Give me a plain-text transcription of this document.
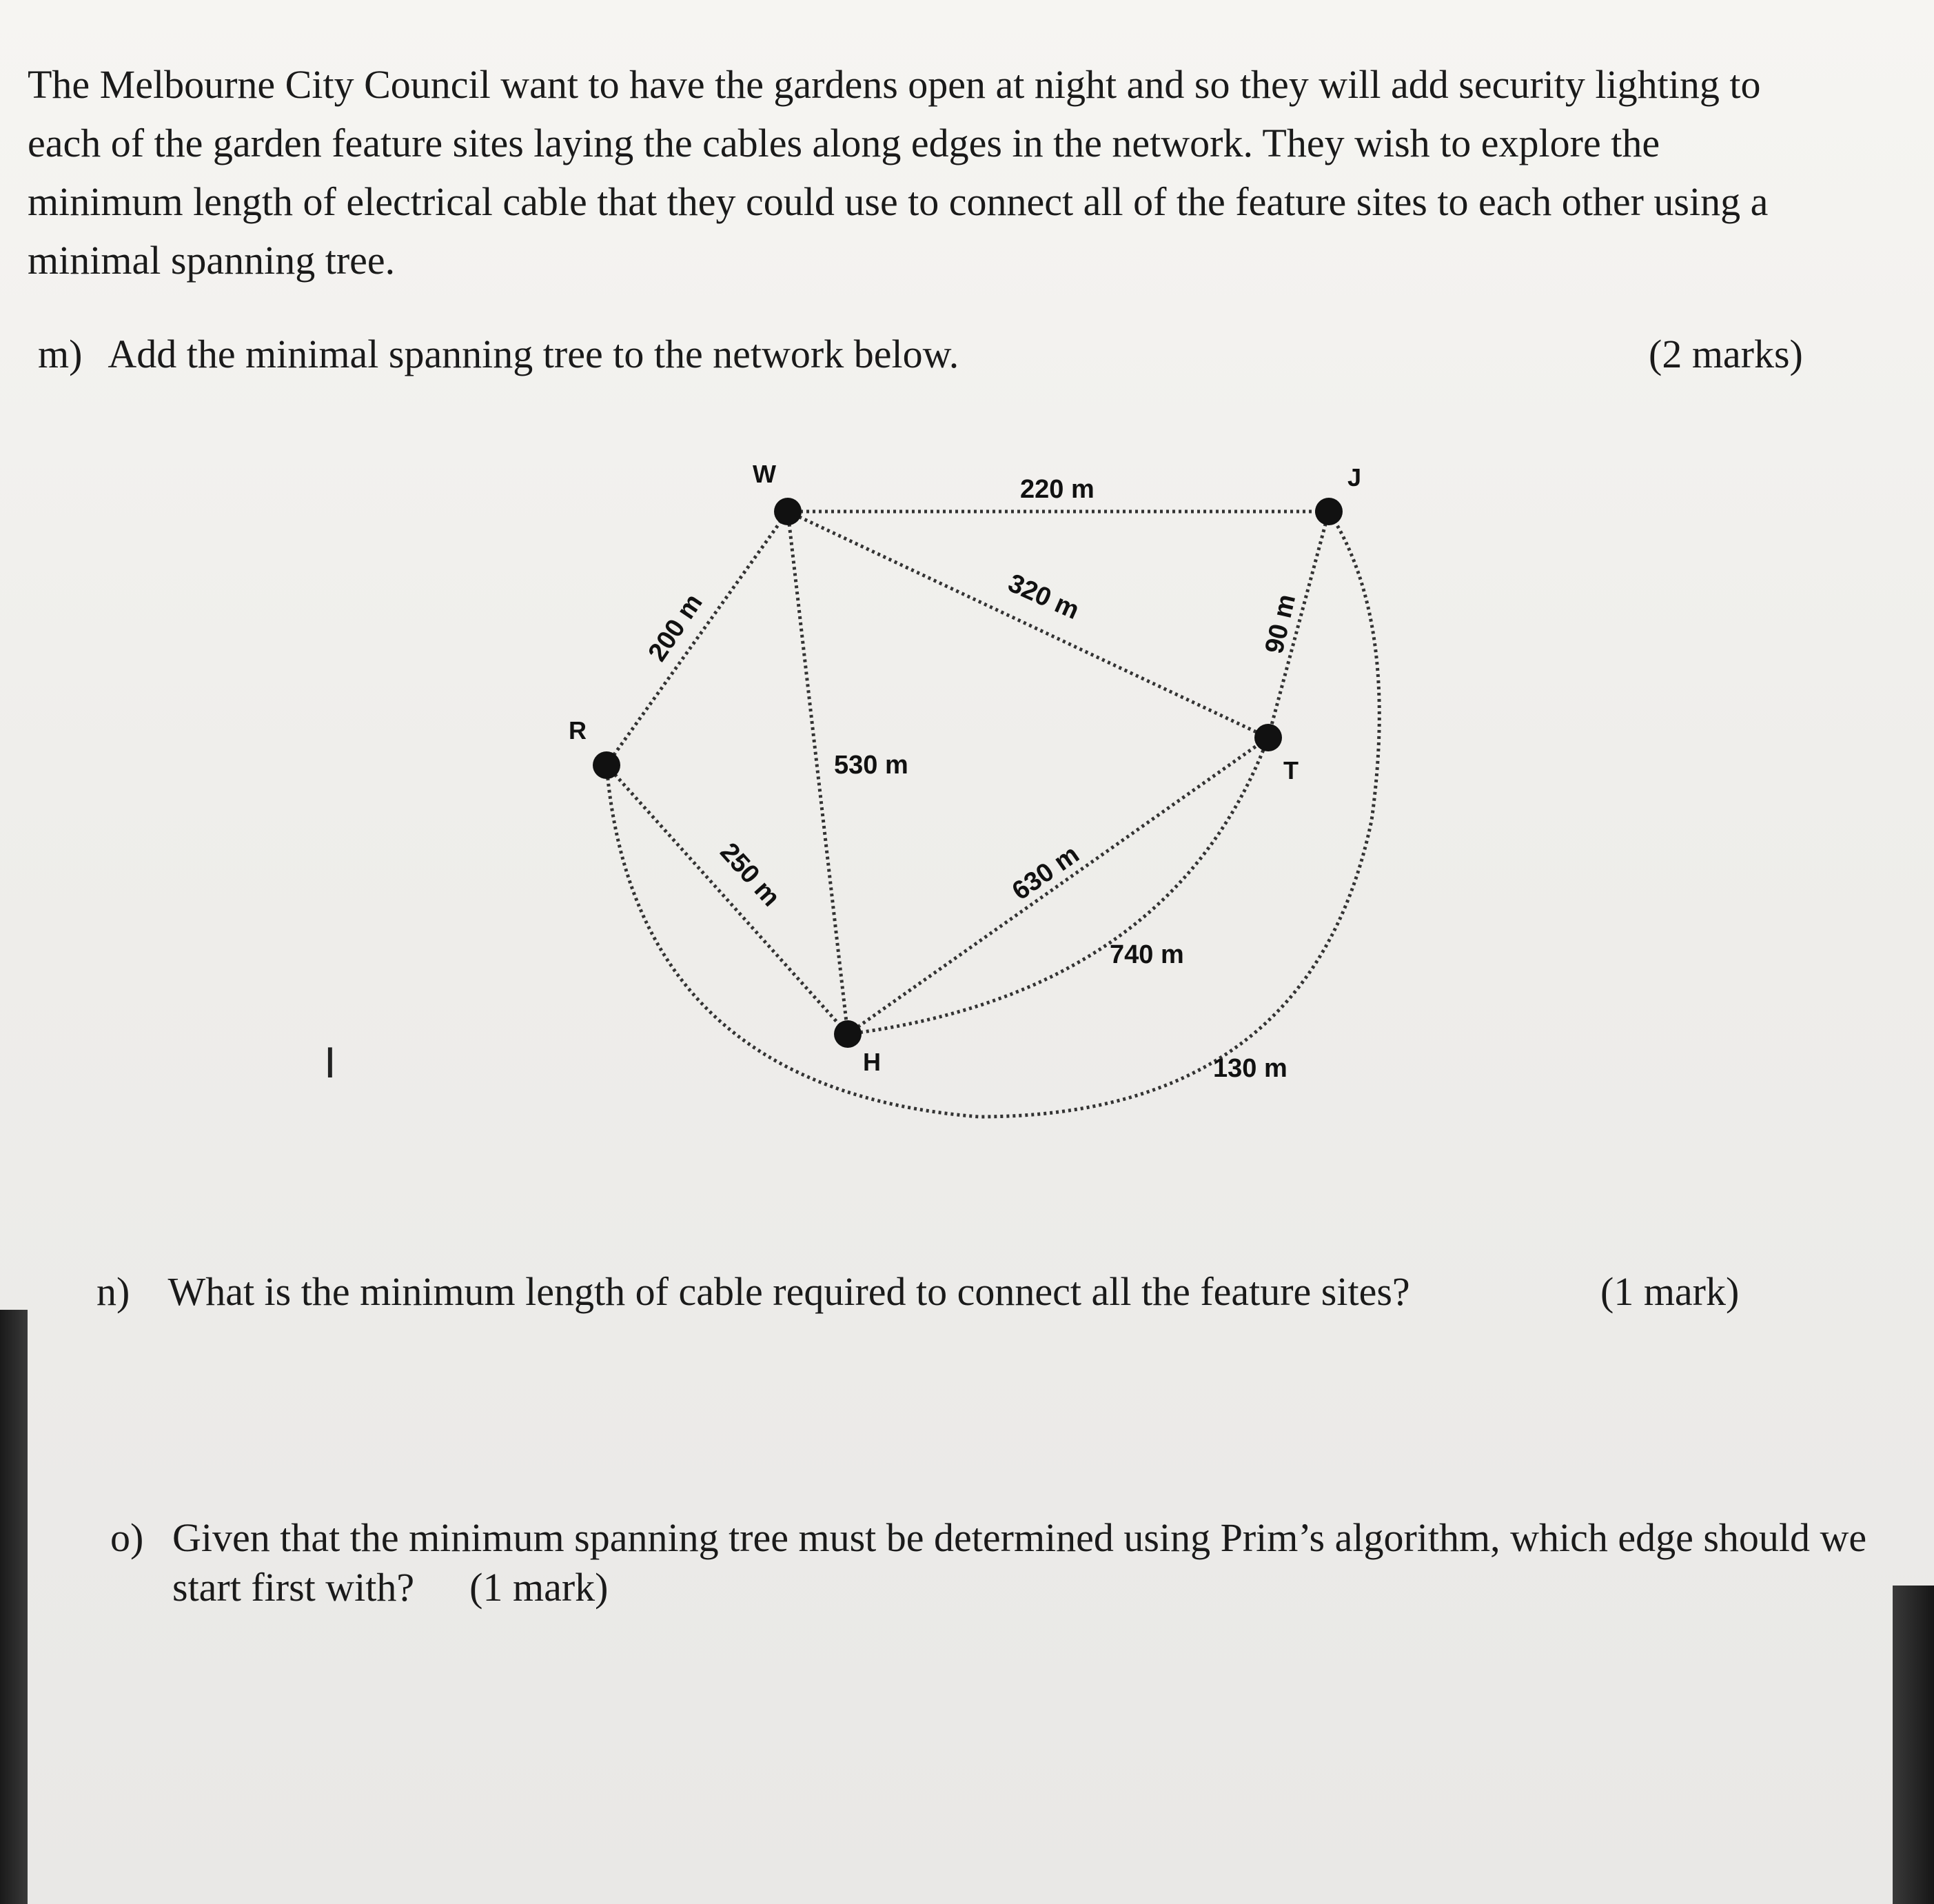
The Melbourne City Council want to have the gardens open at night and so they will add security lighting to
each of the garden feature sites laying the cables along edges in the network. They wish to explore the
minimum length of electrical cable that they could use to connect all of the feature sites to each other using a
minimal spanning tree.
m) Add the minimal spanning tree to the network below.	(2 marks)
W	J
R
T
H
220 m
320 m	90 m
200 m
530 m
250 m	630 m
740 m
130 m
I
n) What is the minimum length of cable required to connect all the feature sites?	(1 mark)
o) Given that the minimum spanning tree must be determined using Prim’s algorithm, which edge should we
start first with? (1 mark)
